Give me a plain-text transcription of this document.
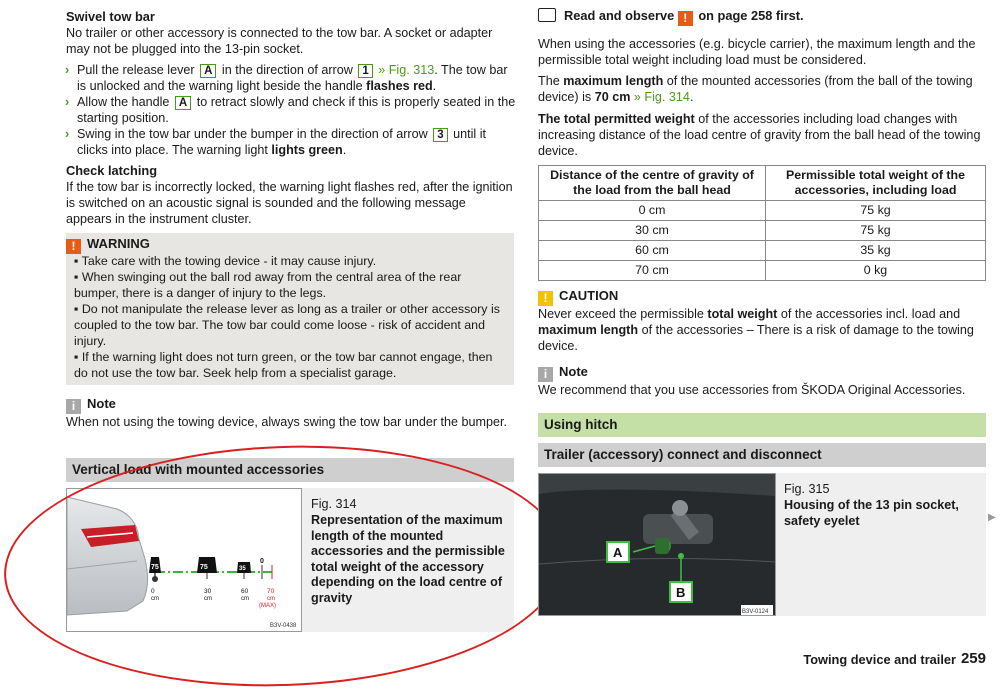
Swivel tow bar

No trailer or other accessory is connected to the tow bar. A socket or adapter may not be plugged into the 13-pin socket.

› Pull the release lever A in the direction of arrow 1 » Fig. 313. The tow bar is unlocked and the warning light beside the handle flashes red.
› Allow the handle A to retract slowly and check if this is properly seated in the starting position.
› Swing in the tow bar under the bumper in the direction of arrow 3 until it clicks into place. The warning light lights green.
Check latching

If the tow bar is incorrectly locked, the warning light flashes red, after the ignition is switched on an acoustic signal is sounded and the following message appears in the instrument cluster.

! WARNING
▪ Take care with the towing device - it may cause injury.
▪ When swinging out the ball rod away from the central area of the rear bumper, there is a danger of injury to the legs.
▪ Do not manipulate the release lever as long as a trailer or other accessory is coupled to the tow bar. The tow bar could come loose - risk of accident and injury.
▪ If the warning light does not turn green, or the tow bar cannot engage, then do not use the tow bar. Seek help from a specialist garage.
i Note

When not using the towing device, always swing the tow bar under the bumper.

Vertical load with mounted accessories
75	75	35
0
0	30	60	70
cm	cm	cm	cm
(MAX)
B3V-0438
Fig. 314
Representation of the maximum length of the mounted accessories and the permissible total weight of the accessory depending on the load centre of gravity
Read and observe ! on page 258 first.

When using the accessories (e.g. bicycle carrier), the maximum length and the permissible total weight including load must be considered.

The maximum length of the mounted accessories (from the ball of the towing device) is 70 cm » Fig. 314.

The total permitted weight of the accessories including load changes with increasing distance of the load centre of gravity from the ball head of the towing device.

Distance of the centre of gravity of the load from the ball head	Permissible total weight of the accessories, including load
0 cm	75 kg
30 cm	75 kg
60 cm	35 kg
70 cm	0 kg
! CAUTION

Never exceed the permissible total weight of the accessories incl. load and maximum length of the accessories – There is a risk of damage to the towing device.

i Note

We recommend that you use accessories from ŠKODA Original Accessories.

Using hitch
Trailer (accessory) connect and disconnect
A
B
B3V-0124
Fig. 315
Housing of the 13 pin socket, safety eyelet	▶
Towing device and trailer 259
